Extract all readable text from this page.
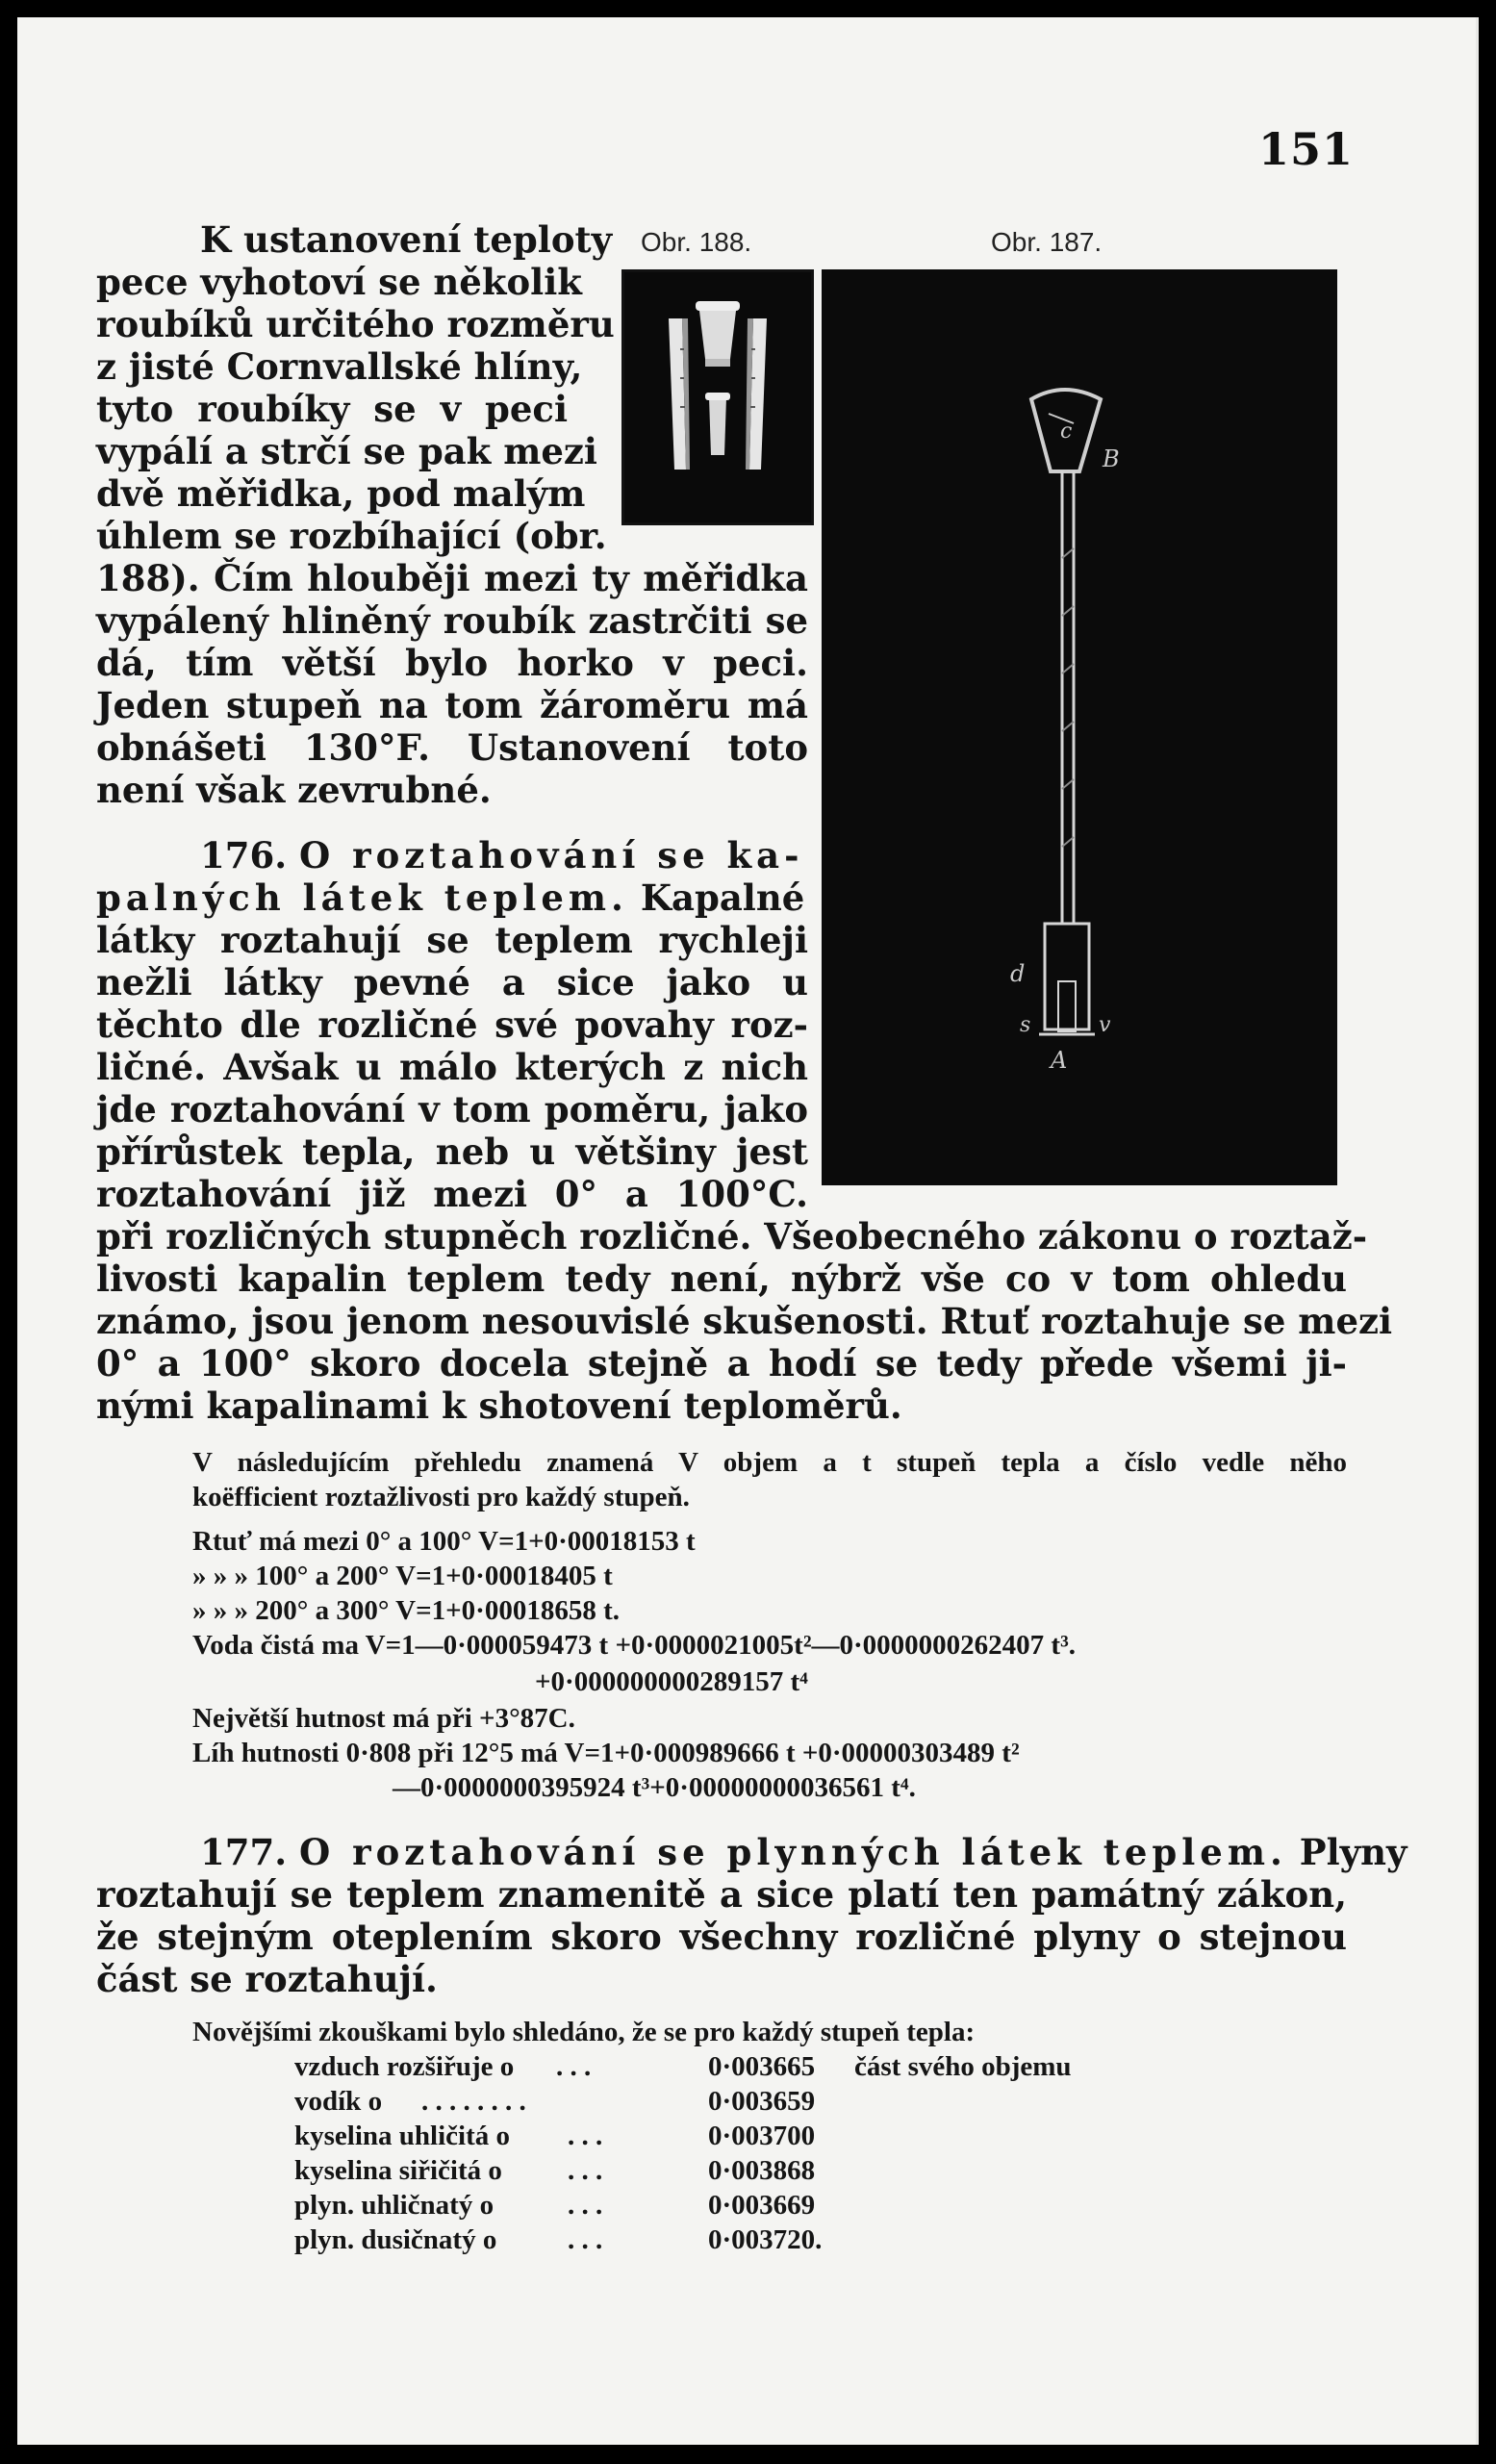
151
Obr. 188.	Obr. 187.
c
B
d
s	v
A
K ustanovení teploty
pece vyhotoví se několik
roubíků určitého rozměru
z jisté Cornvallské hlíny,
tyto roubíky se v peci
vypálí a strčí se pak mezi
dvě měřidka, pod malým
úhlem se rozbíhající (obr.
188). Čím hlouběji mezi ty měřidka
vypálený hliněný roubík zastrčiti se
dá, tím větší bylo horko v peci.
Jeden stupeň na tom žároměru má
obnášeti 130°F. Ustanovení toto
není však zevrubné.
176. O roztahování se ka-
palných látek teplem. Kapalné
látky roztahují se teplem rychleji
nežli látky pevné a sice jako u
těchto dle rozličné své povahy roz-
ličné. Avšak u málo kterých z nich
jde roztahování v tom poměru, jako
přírůstek tepla, neb u většiny jest
roztahování již mezi 0° a 100°C.
při rozličných stupněch rozličné. Všeobecného zákonu o roztaž-
livosti kapalin teplem tedy není, nýbrž vše co v tom ohledu
známo, jsou jenom nesouvislé skušenosti. Rtuť roztahuje se mezi
0° a 100° skoro docela stejně a hodí se tedy přede všemi ji-
nými kapalinami k shotovení teploměrů.
V následujícím přehledu znamená V objem a t stupeň tepla a číslo vedle něho
koëfficient roztažlivosti pro každý stupeň.
Rtuť má mezi 0° a 100° V=1+0·00018153 t
» » » 100° a 200° V=1+0·00018405 t
» » » 200° a 300° V=1+0·00018658 t.
Voda čistá ma V=1—0·000059473 t +0·0000021005t²—0·0000000262407 t³.
+0·000000000289157 t⁴
Největší hutnost má při +3°87C.
Líh hutnosti 0·808 při 12°5 má V=1+0·000989666 t +0·00000303489 t²
—0·0000000395924 t³+0·00000000036561 t⁴.
177. O roztahování se plynných látek teplem. Plyny
roztahují se teplem znamenitě a sice platí ten památný zákon,
že stejným oteplením skoro všechny rozličné plyny o stejnou
část se roztahují.
Novějšími zkouškami bylo shledáno, že se pro každý stupeň tepla:
vzduch rozšiřuje o . . .	0·003665 část svého objemu
vodík o . . . . . . . .	0·003659
kyselina uhličitá o . . .	0·003700
kyselina siřičitá o . . .	0·003868
plyn. uhličnatý o	. . .	0·003669
plyn. dusičnatý o	. . .	0·003720.
